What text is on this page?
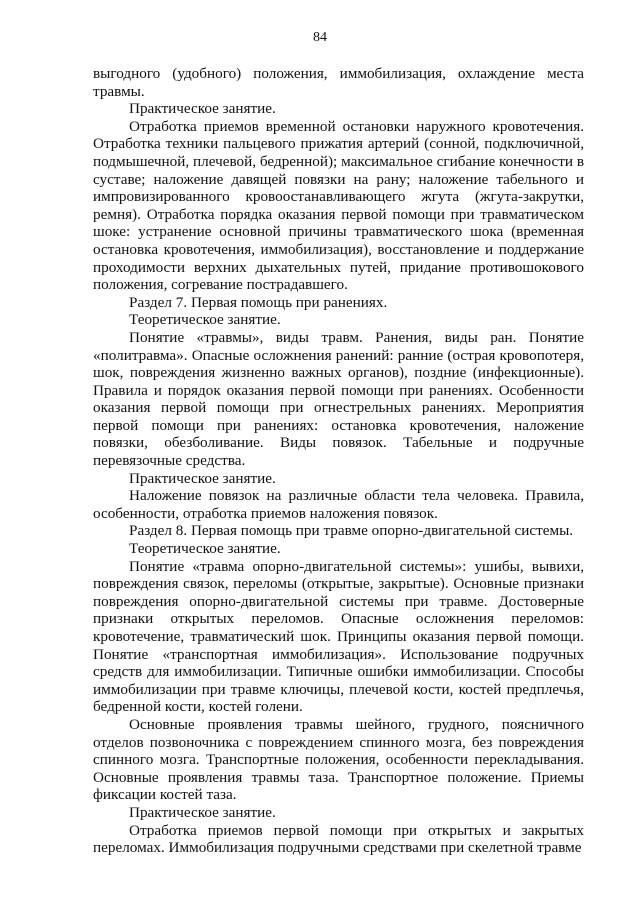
84

выгодного (удобного) положения, иммобилизация, охлаждение места травмы.

Практическое занятие.

Отработка приемов временной остановки наружного кровотечения. Отработка техники пальцевого прижатия артерий (сонной, подключичной, подмышечной, плечевой, бедренной); максимальное сгибание конечности в суставе; наложение давящей повязки на рану; наложение табельного и импровизированного кровоостанавливающего жгута (жгута-закрутки, ремня). Отработка порядка оказания первой помощи при травматическом шоке: устранение основной причины травматического шока (временная остановка кровотечения, иммобилизация), восстановление и поддержание проходимости верхних дыхательных путей, придание противошокового положения, согревание пострадавшего.

Раздел 7. Первая помощь при ранениях.

Теоретическое занятие.

Понятие «травмы», виды травм. Ранения, виды ран. Понятие «политравма». Опасные осложнения ранений: ранние (острая кровопотеря, шок, повреждения жизненно важных органов), поздние (инфекционные). Правила и порядок оказания первой помощи при ранениях. Особенности оказания первой помощи при огнестрельных ранениях. Мероприятия первой помощи при ранениях: остановка кровотечения, наложение повязки, обезболивание. Виды повязок. Табельные и подручные перевязочные средства.

Практическое занятие.

Наложение повязок на различные области тела человека. Правила, особенности, отработка приемов наложения повязок.

Раздел 8. Первая помощь при травме опорно-двигательной системы.

Теоретическое занятие.

Понятие «травма опорно-двигательной системы»: ушибы, вывихи, повреждения связок, переломы (открытые, закрытые). Основные признаки повреждения опорно-двигательной системы при травме. Достоверные признаки открытых переломов. Опасные осложнения переломов: кровотечение, травматический шок. Принципы оказания первой помощи. Понятие «транспортная иммобилизация». Использование подручных средств для иммобилизации. Типичные ошибки иммобилизации. Способы иммобилизации при травме ключицы, плечевой кости, костей предплечья, бедренной кости, костей голени.

Основные проявления травмы шейного, грудного, поясничного отделов позвоночника с повреждением спинного мозга, без повреждения спинного мозга. Транспортные положения, особенности перекладывания. Основные проявления травмы таза. Транспортное положение. Приемы фиксации костей таза.

Практическое занятие.

Отработка приемов первой помощи при открытых и закрытых переломах. Иммобилизация подручными средствами при скелетной травме
